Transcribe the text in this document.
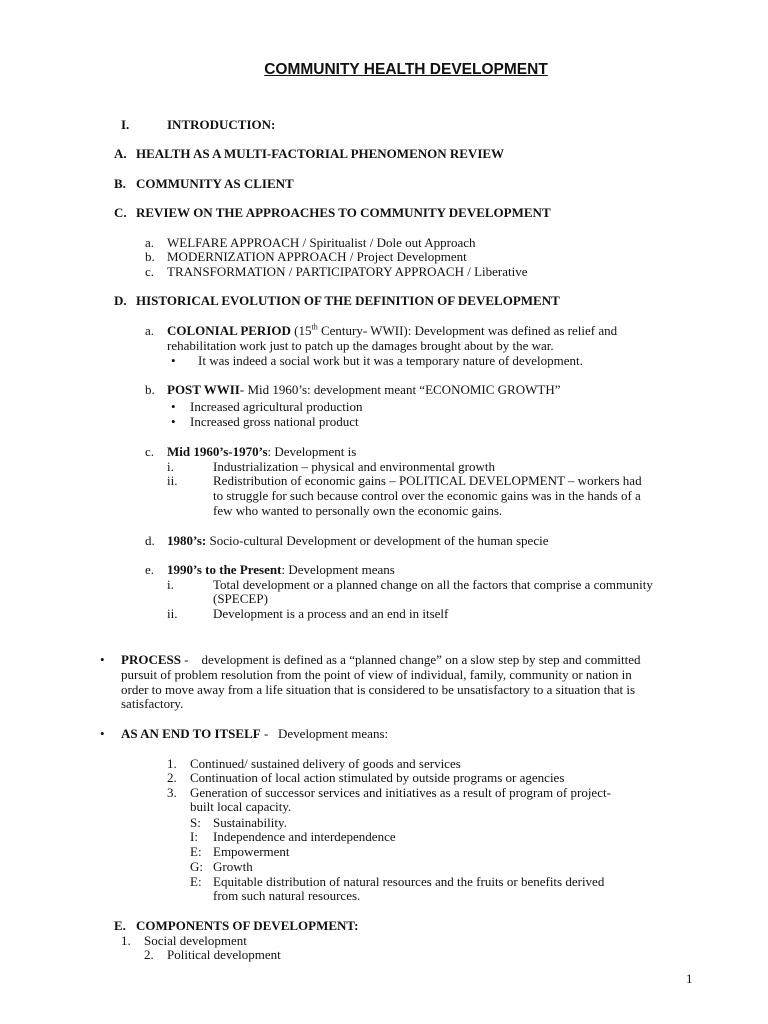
COMMUNITY HEALTH DEVELOPMENT
I.	INTRODUCTION:
A. HEALTH AS A MULTI-FACTORIAL PHENOMENON REVIEW
B. COMMUNITY AS CLIENT
C. REVIEW ON THE APPROACHES TO COMMUNITY DEVELOPMENT
a. WELFARE APPROACH / Spiritualist / Dole out Approach
b. MODERNIZATION APPROACH / Project Development
c. TRANSFORMATION / PARTICIPATORY APPROACH / Liberative
D. HISTORICAL EVOLUTION OF THE DEFINITION OF DEVELOPMENT
a. COLONIAL PERIOD (15th Century- WWII): Development was defined as relief and
rehabilitation work just to patch up the damages brought about by the war.
•
It was indeed a social work but it was a temporary nature of development.
b. POST WWII- Mid 1960’s: development meant “ECONOMIC GROWTH”
•
Increased agricultural production
•
Increased gross national product
c. Mid 1960’s-1970’s: Development is
i.	Industrialization – physical and environmental growth
ii.	Redistribution of economic gains – POLITICAL DEVELOPMENT – workers had
to struggle for such because control over the economic gains was in the hands of a
few who wanted to personally own the economic gains.
d. 1980’s: Socio-cultural Development or development of the human specie
e. 1990’s to the Present: Development means
i.	Total development or a planned change on all the factors that comprise a community
(SPECEP)
ii.	Development is a process and an end in itself
•
PROCESS -    development is defined as a “planned change” on a slow step by step and committed
pursuit of problem resolution from the point of view of individual, family, community or nation in
order to move away from a life situation that is considered to be unsatisfactory to a situation that is
satisfactory.
•
AS AN END TO ITSELF -   Development means:
1. Continued/ sustained delivery of goods and services
2. Continuation of local action stimulated by outside programs or agencies
3. Generation of successor services and initiatives as a result of program of project-
built local capacity.
S: Sustainability.
I: Independence and interdependence
E: Empowerment
G: Growth
E: Equitable distribution of natural resources and the fruits or benefits derived
from such natural resources.
E. COMPONENTS OF DEVELOPMENT:
1. Social development
2. Political development
1
